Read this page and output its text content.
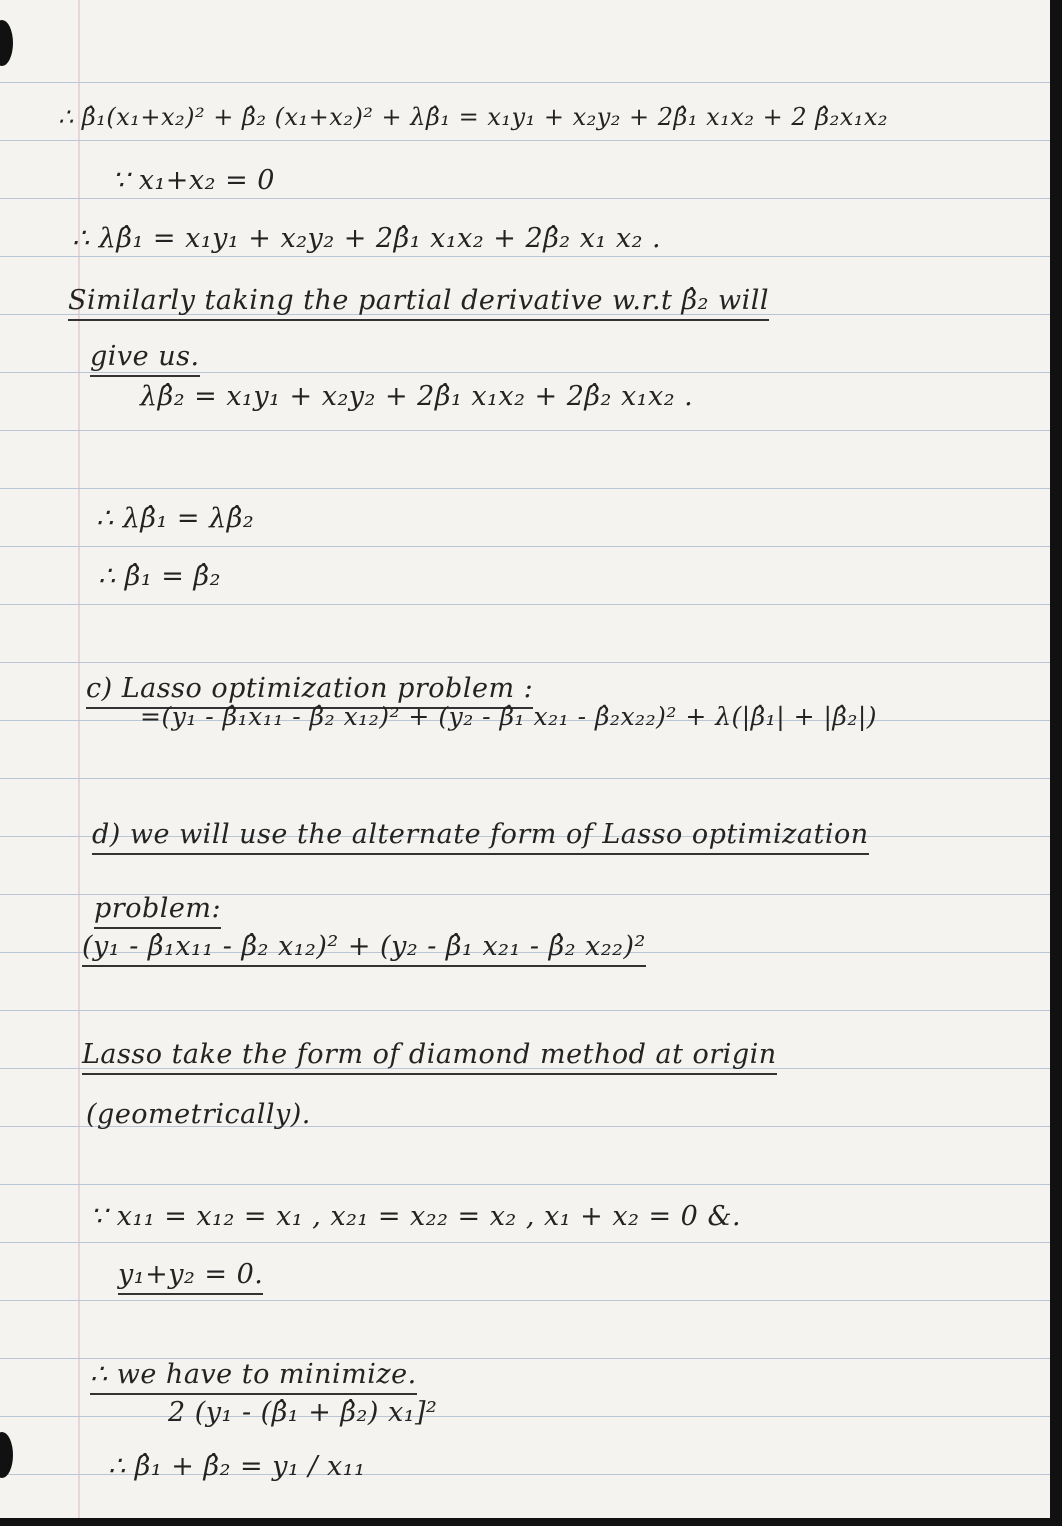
∴ β̂₁(x₁+x₂)² + β̂₂ (x₁+x₂)² + λβ̂₁ = x₁y₁ + x₂y₂ + 2β̂₁ x₁x₂ + 2 β̂₂x₁x₂
∵ x₁+x₂ = 0
∴ λβ̂₁ = x₁y₁ + x₂y₂ + 2β̂₁ x₁x₂ + 2β̂₂ x₁ x₂ .
Similarly taking the partial derivative w.r.t β̂₂ will
give us.
λβ̂₂ = x₁y₁ + x₂y₂ + 2β̂₁ x₁x₂ + 2β̂₂ x₁x₂ .
∴ λβ̂₁ = λβ̂₂
∴ β̂₁ = β̂₂
c) Lasso optimization problem :
=(y₁ - β̂₁x₁₁ - β̂₂ x₁₂)² + (y₂ - β̂₁ x₂₁ - β̂₂x₂₂)² + λ(|β̂₁| + |β̂₂|)
d) we will use the alternate form of Lasso optimization
problem:
(y₁ - β̂₁x₁₁ - β̂₂ x₁₂)² + (y₂ - β̂₁ x₂₁ - β̂₂ x₂₂)²
Lasso take the form of diamond method at origin
(geometrically).
∵ x₁₁ = x₁₂ = x₁ , x₂₁ = x₂₂ = x₂ , x₁ + x₂ = 0 &.
y₁+y₂ = 0.
∴ we have to minimize.
2 (y₁ - (β̂₁ + β̂₂) x₁]²
∴ β̂₁ + β̂₂ = y₁ / x₁₁
